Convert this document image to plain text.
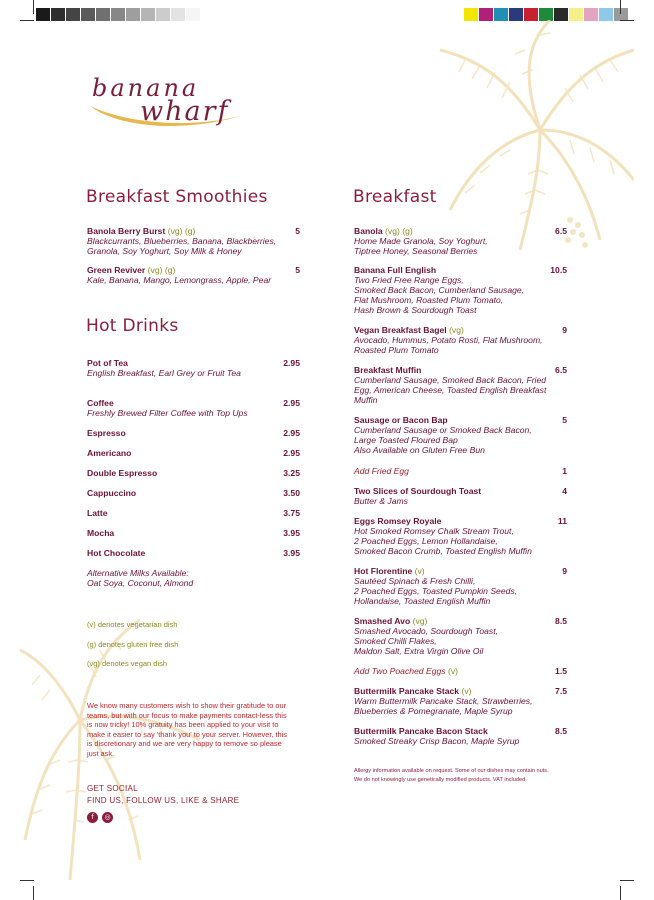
banana
wharf
Breakfast Smoothies
Hot Drinks
Breakfast
Banola Berry Burst (vg) (g)
Blackcurrants, Blueberries, Banana, Blackberries,
Granola, Soy Yoghurt, Soy Milk & Honey
5
Green Reviver (vg) (g)
Kale, Banana, Mango, Lemongrass, Apple, Pear
5
Pot of Tea
English Breakfast, Earl Grey or Fruit Tea
2.95
Coffee
Freshly Brewed Filter Coffee with Top Ups
2.95
Espresso	2.95
Americano	2.95
Double Espresso	3.25
Cappuccino	3.50
Latte	3.75
Mocha	3.95
Hot Chocolate	3.95
Banola (vg) (g)
Home Made Granola, Soy Yoghurt,
Tiptree Honey, Seasonal Berries
6.5
Banana Full English
Two Fried Free Range Eggs,
Smoked Back Bacon, Cumberland Sausage,
Flat Mushroom, Roasted Plum Tomato,
Hash Brown & Sourdough Toast
10.5
Vegan Breakfast Bagel (vg)
Avocado, Hummus, Potato Rosti, Flat Mushroom,
Roasted Plum Tomato
9
Breakfast Muffin
Cumberland Sausage, Smoked Back Bacon, Fried
Egg, American Cheese, Toasted English Breakfast
Muffin
6.5
Sausage or Bacon Bap
Cumberland Sausage or Smoked Back Bacon,
Large Toasted Floured Bap
Also Available on Gluten Free Bun
5
Two Slices of Sourdough Toast
Butter & Jams
4
Eggs Romsey Royale
Hot Smoked Romsey Chalk Stream Trout,
2 Poached Eggs, Lemon Hollandaise,
Smoked Bacon Crumb, Toasted English Muffin
11
Hot Florentine (v)
Sautéed Spinach & Fresh Chilli,
2 Poached Eggs, Toasted Pumpkin Seeds,
Hollandaise, Toasted English Muffin
9
Smashed Avo (vg)
Smashed Avocado, Sourdough Toast,
Smoked Chilli Flakes,
Maldon Salt, Extra Virgin Olive Oil
8.5
Buttermilk Pancake Stack (v)
Warm Buttermilk Pancake Stack, Strawberries,
Blueberries & Pomegranate, Maple Syrup
7.5
Buttermilk Pancake Bacon Stack
Smoked Streaky Crisp Bacon, Maple Syrup
8.5
Add Fried Egg	1
Add Two Poached Eggs (v)	1.5
Alternative Milks Available:
Oat Soya, Coconut, Almond
(v) denotes vegetarian dish
(g) denotes gluten free dish
(vg) denotes vegan dish
We know many customers wish to show their gratitude to our teams, but with our focus to make payments contact-less this is now tricky! 10% gratuity has been applied to your visit to make it easier to say 'thank you' to your server. However, this is discretionary and we are very happy to remove so please just ask.
GET SOCIAL
FIND US, FOLLOW US, LIKE & SHARE
f	◎
Allergy information available on request. Some of our dishes may contain nuts.
We do not knowingly use genetically modified products. VAT included.
